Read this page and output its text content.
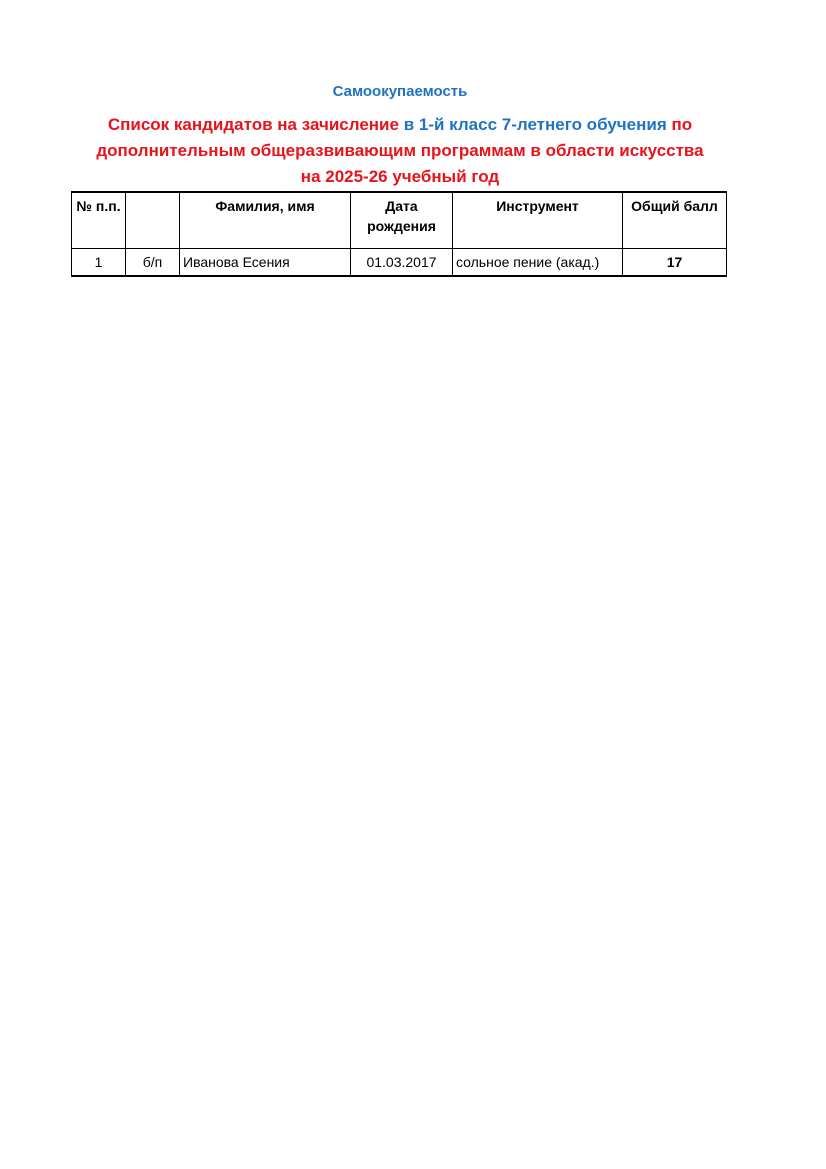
Самоокупаемость
Список кандидатов на зачисление в 1-й класс 7-летнего обучения по
дополнительным общеразвивающим программам в области искусства
на 2025-26 учебный год
№ п.п.		Фамилия, имя	Дата рождения	Инструмент	Общий балл
1	б/п	Иванова Есения	01.03.2017	сольное пение (акад.)	17
